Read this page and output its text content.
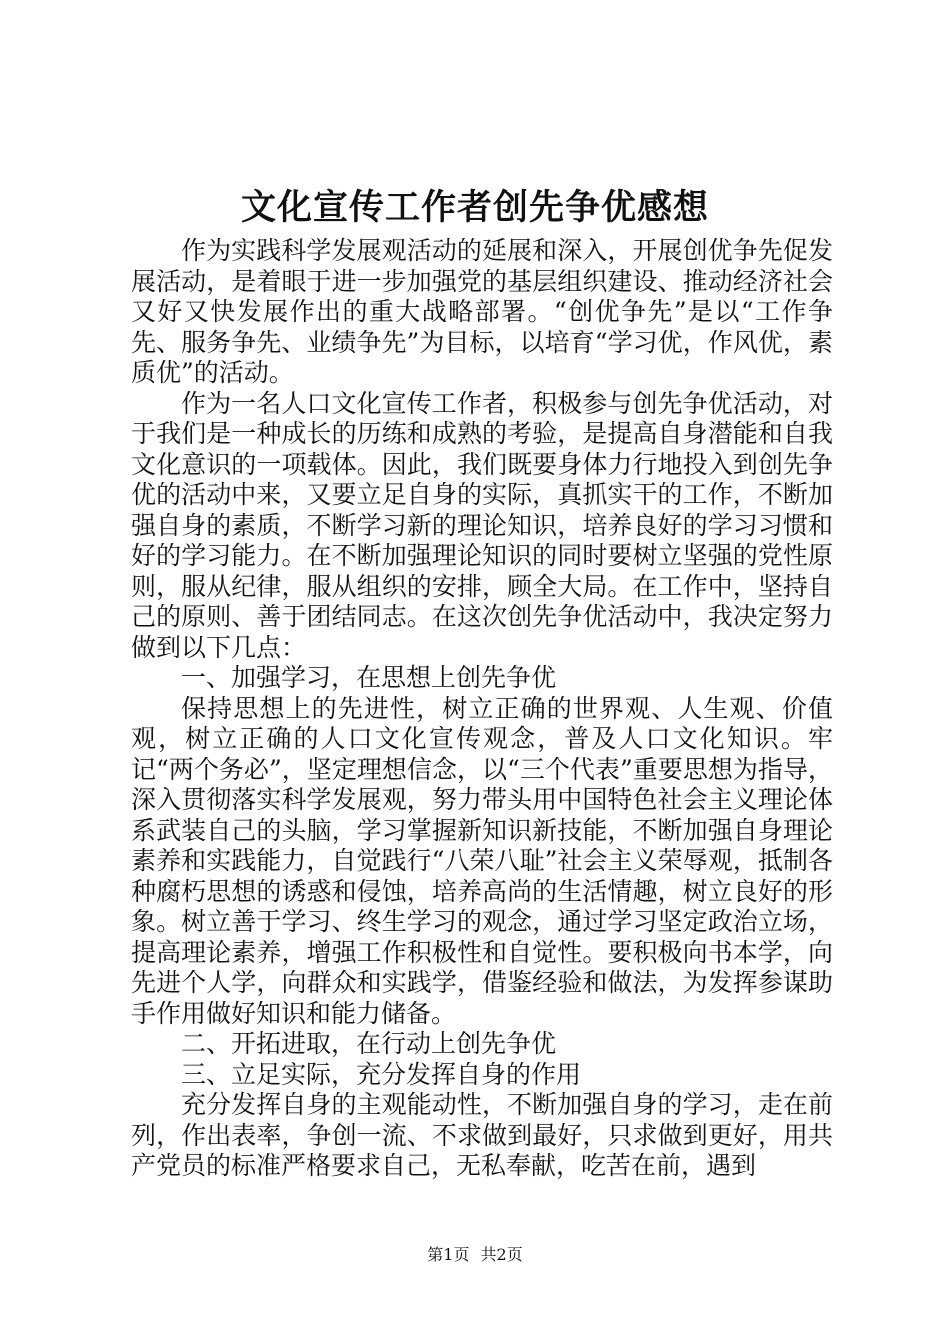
文化宣传工作者创先争优感想

作为实践科学发展观活动的延展和深入，开展创优争先促发展活动，是着眼于进一步加强党的基层组织建设、推动经济社会又好又快发展作出的重大战略部署。“创优争先”是以“工作争先、服务争先、业绩争先”为目标，以培育“学习优，作风优，素质优”的活动。

作为一名人口文化宣传工作者，积极参与创先争优活动，对于我们是一种成长的历练和成熟的考验，是提高自身潜能和自我文化意识的一项载体。因此，我们既要身体力行地投入到创先争优的活动中来，又要立足自身的实际，真抓实干的工作，不断加强自身的素质，不断学习新的理论知识，培养良好的学习习惯和好的学习能力。在不断加强理论知识的同时要树立坚强的党性原则，服从纪律，服从组织的安排，顾全大局。在工作中，坚持自己的原则、善于团结同志。在这次创先争优活动中，我决定努力做到以下几点：

一、加强学习，在思想上创先争优

保持思想上的先进性，树立正确的世界观、人生观、价值观，树立正确的人口文化宣传观念，普及人口文化知识。牢记“两个务必”，坚定理想信念，以“三个代表”重要思想为指导，深入贯彻落实科学发展观，努力带头用中国特色社会主义理论体系武装自己的头脑，学习掌握新知识新技能，不断加强自身理论素养和实践能力，自觉践行“八荣八耻”社会主义荣辱观，抵制各种腐朽思想的诱惑和侵蚀，培养高尚的生活情趣，树立良好的形象。树立善于学习、终生学习的观念，通过学习坚定政治立场，提高理论素养，增强工作积极性和自觉性。要积极向书本学，向先进个人学，向群众和实践学，借鉴经验和做法，为发挥参谋助手作用做好知识和能力储备。

二、开拓进取，在行动上创先争优

三、立足实际，充分发挥自身的作用

充分发挥自身的主观能动性，不断加强自身的学习，走在前列，作出表率，争创一流、不求做到最好，只求做到更好，用共产党员的标准严格要求自己，无私奉献，吃苦在前，遇到

第1页 共2页
